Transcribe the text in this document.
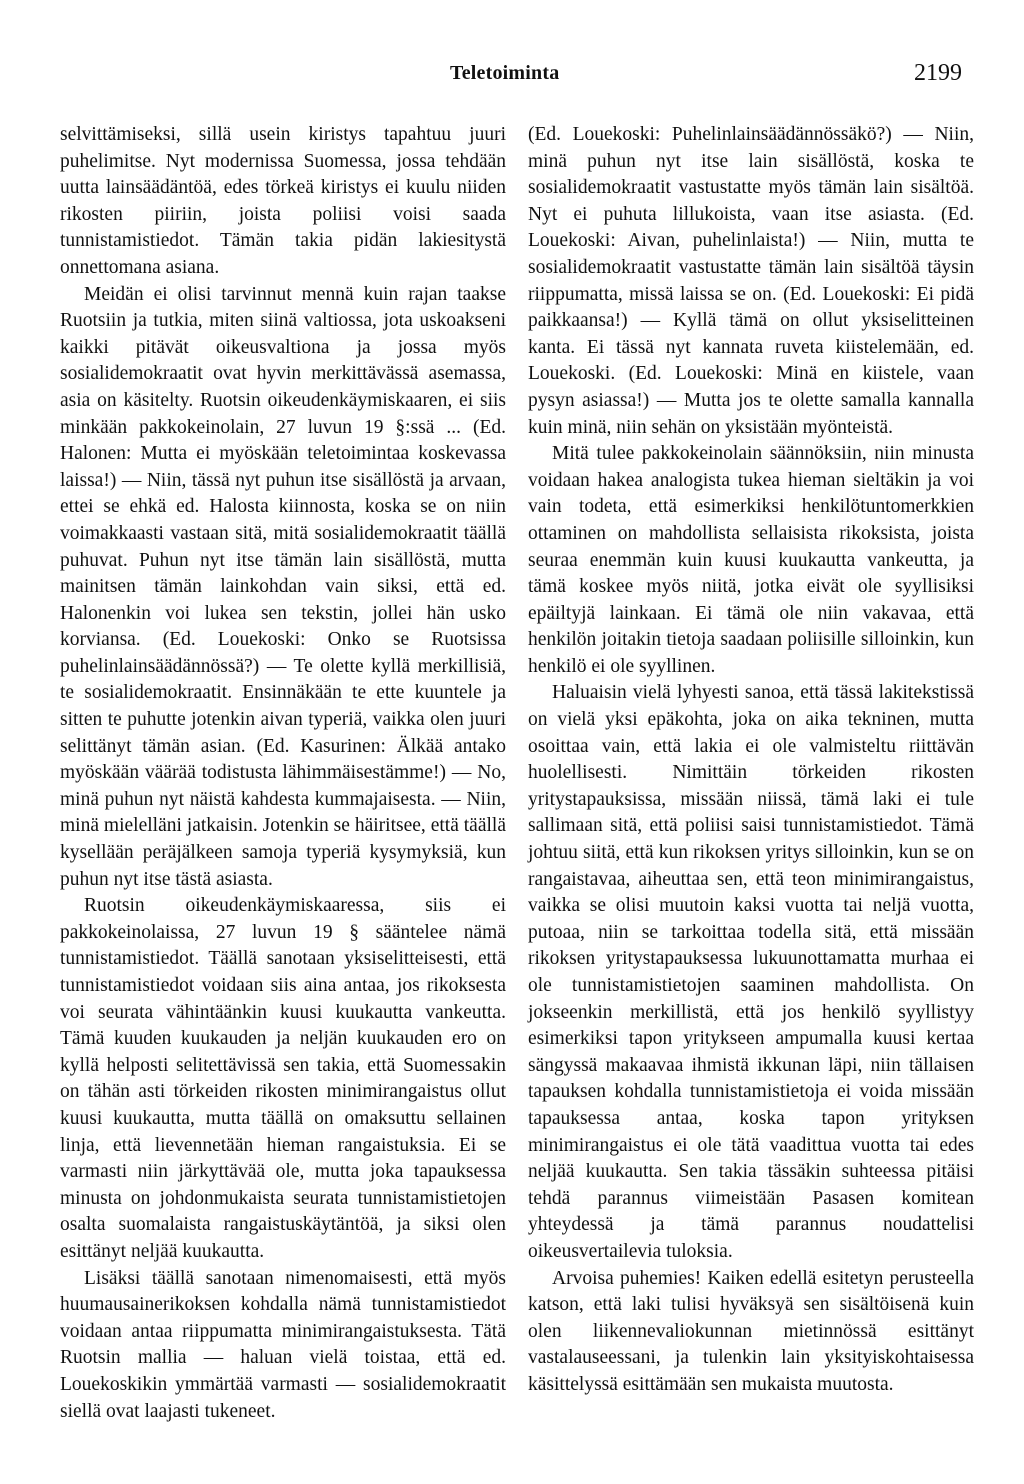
Teletoiminta	2199

selvittämiseksi, sillä usein kiristys tapahtuu juuri puhelimitse. Nyt modernissa Suomessa, jossa tehdään uutta lainsäädäntöä, edes törkeä kiristys ei kuulu niiden rikosten piiriin, joista poliisi voisi saada tunnistamistiedot. Tämän takia pidän lakiesitystä onnettomana asiana.

Meidän ei olisi tarvinnut mennä kuin rajan taakse Ruotsiin ja tutkia, miten siinä valtiossa, jota uskoakseni kaikki pitävät oikeusvaltiona ja jossa myös sosialidemokraatit ovat hyvin merkittävässä asemassa, asia on käsitelty. Ruotsin oikeudenkäymiskaaren, ei siis minkään pakkokeinolain, 27 luvun 19 §:ssä ... (Ed. Halonen: Mutta ei myöskään teletoimintaa koskevassa laissa!) — Niin, tässä nyt puhun itse sisällöstä ja arvaan, ettei se ehkä ed. Halosta kiinnosta, koska se on niin voimakkaasti vastaan sitä, mitä sosialidemokraatit täällä puhuvat. Puhun nyt itse tämän lain sisällöstä, mutta mainitsen tämän lainkohdan vain siksi, että ed. Halonenkin voi lukea sen tekstin, jollei hän usko korviansa. (Ed. Louekoski: Onko se Ruotsissa puhelinlainsäädännössä?) — Te olette kyllä merkillisiä, te sosialidemokraatit. Ensinnäkään te ette kuuntele ja sitten te puhutte jotenkin aivan typeriä, vaikka olen juuri selittänyt tämän asian. (Ed. Kasurinen: Älkää antako myöskään väärää todistusta lähimmäisestämme!) — No, minä puhun nyt näistä kahdesta kummajaisesta. — Niin, minä mielelläni jatkaisin. Jotenkin se häiritsee, että täällä kysellään peräjälkeen samoja typeriä kysymyksiä, kun puhun nyt itse tästä asiasta.

Ruotsin oikeudenkäymiskaaressa, siis ei pakkokeinolaissa, 27 luvun 19 § sääntelee nämä tunnistamistiedot. Täällä sanotaan yksiselitteisesti, että tunnistamistiedot voidaan siis aina antaa, jos rikoksesta voi seurata vähintäänkin kuusi kuukautta vankeutta. Tämä kuuden kuukauden ja neljän kuukauden ero on kyllä helposti selitettävissä sen takia, että Suomessakin on tähän asti törkeiden rikosten minimirangaistus ollut kuusi kuukautta, mutta täällä on omaksuttu sellainen linja, että lievennetään hieman rangaistuksia. Ei se varmasti niin järkyttävää ole, mutta joka tapauksessa minusta on johdonmukaista seurata tunnistamistietojen osalta suomalaista rangaistuskäytäntöä, ja siksi olen esittänyt neljää kuukautta.

Lisäksi täällä sanotaan nimenomaisesti, että myös huumausainerikoksen kohdalla nämä tunnistamistiedot voidaan antaa riippumatta minimirangaistuksesta. Tätä Ruotsin mallia — haluan vielä toistaa, että ed. Louekoskikin ymmärtää varmasti — sosialidemokraatit siellä ovat laajasti tukeneet.

(Ed. Louekoski: Puhelinlainsäädännössäkö?) — Niin, minä puhun nyt itse lain sisällöstä, koska te sosialidemokraatit vastustatte myös tämän lain sisältöä. Nyt ei puhuta lillukoista, vaan itse asiasta. (Ed. Louekoski: Aivan, puhelinlaista!) — Niin, mutta te sosialidemokraatit vastustatte tämän lain sisältöä täysin riippumatta, missä laissa se on. (Ed. Louekoski: Ei pidä paikkaansa!) — Kyllä tämä on ollut yksiselitteinen kanta. Ei tässä nyt kannata ruveta kiistelemään, ed. Louekoski. (Ed. Louekoski: Minä en kiistele, vaan pysyn asiassa!) — Mutta jos te olette samalla kannalla kuin minä, niin sehän on yksistään myönteistä.

Mitä tulee pakkokeinolain säännöksiin, niin minusta voidaan hakea analogista tukea hieman sieltäkin ja voi vain todeta, että esimerkiksi henkilötuntomerkkien ottaminen on mahdollista sellaisista rikoksista, joista seuraa enemmän kuin kuusi kuukautta vankeutta, ja tämä koskee myös niitä, jotka eivät ole syyllisiksi epäiltyjä lainkaan. Ei tämä ole niin vakavaa, että henkilön joitakin tietoja saadaan poliisille silloinkin, kun henkilö ei ole syyllinen.

Haluaisin vielä lyhyesti sanoa, että tässä lakitekstissä on vielä yksi epäkohta, joka on aika tekninen, mutta osoittaa vain, että lakia ei ole valmisteltu riittävän huolellisesti. Nimittäin törkeiden rikosten yritystapauksissa, missään niissä, tämä laki ei tule sallimaan sitä, että poliisi saisi tunnistamistiedot. Tämä johtuu siitä, että kun rikoksen yritys silloinkin, kun se on rangaistavaa, aiheuttaa sen, että teon minimirangaistus, vaikka se olisi muutoin kaksi vuotta tai neljä vuotta, putoaa, niin se tarkoittaa todella sitä, että missään rikoksen yritystapauksessa lukuunottamatta murhaa ei ole tunnistamistietojen saaminen mahdollista. On jokseenkin merkillistä, että jos henkilö syyllistyy esimerkiksi tapon yritykseen ampumalla kuusi kertaa sängyssä makaavaa ihmistä ikkunan läpi, niin tällaisen tapauksen kohdalla tunnistamistietoja ei voida missään tapauksessa antaa, koska tapon yrityksen minimirangaistus ei ole tätä vaadittua vuotta tai edes neljää kuukautta. Sen takia tässäkin suhteessa pitäisi tehdä parannus viimeistään Pasasen komitean yhteydessä ja tämä parannus noudattelisi oikeusvertailevia tuloksia.

Arvoisa puhemies! Kaiken edellä esitetyn perusteella katson, että laki tulisi hyväksyä sen sisältöisenä kuin olen liikennevaliokunnan mietinnössä esittänyt vastalauseessani, ja tulenkin lain yksityiskohtaisessa käsittelyssä esittämään sen mukaista muutosta.
